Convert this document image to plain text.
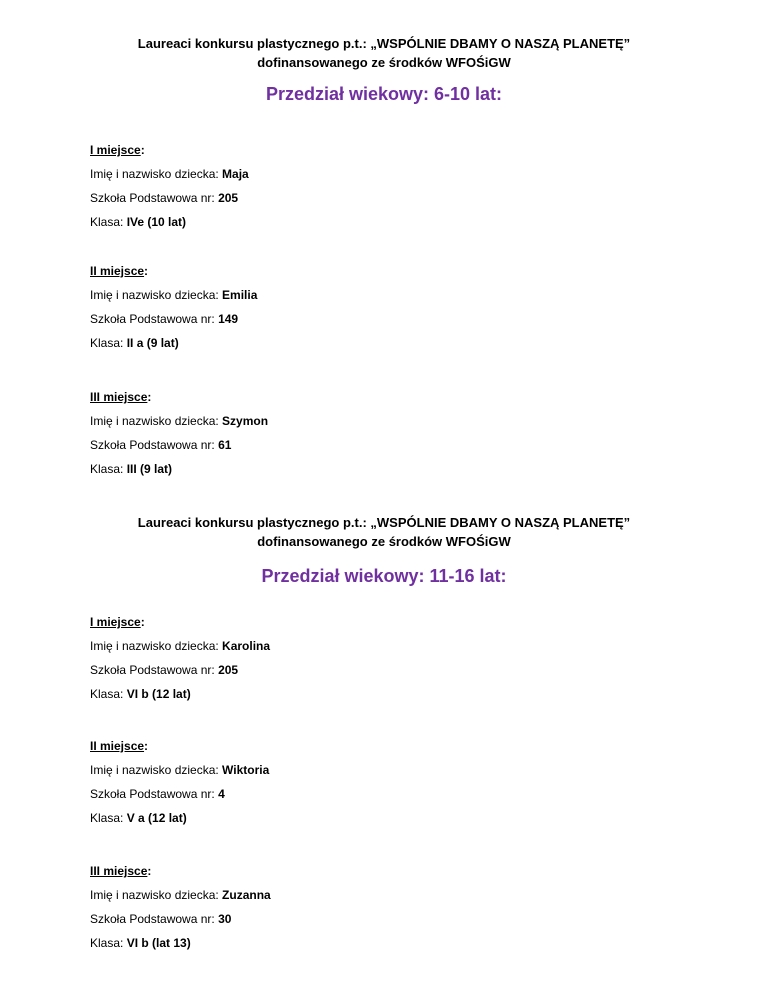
Laureaci konkursu plastycznego p.t.: „WSPÓLNIE DBAMY O NASZĄ PLANETĘ”
dofinansowanego ze środków WFOŚiGW
Przedział wiekowy: 6-10 lat:
I miejsce:
Imię i nazwisko dziecka: Maja
Szkoła Podstawowa nr: 205
Klasa: IVe (10 lat)
II miejsce:
Imię i nazwisko dziecka: Emilia
Szkoła Podstawowa nr: 149
Klasa: II a (9 lat)
III miejsce:
Imię i nazwisko dziecka: Szymon
Szkoła Podstawowa nr: 61
Klasa: III (9 lat)
Laureaci konkursu plastycznego p.t.: „WSPÓLNIE DBAMY O NASZĄ PLANETĘ”
dofinansowanego ze środków WFOŚiGW
Przedział wiekowy: 11-16 lat:
I miejsce:
Imię i nazwisko dziecka: Karolina
Szkoła Podstawowa nr: 205
Klasa: VI b (12 lat)
II miejsce:
Imię i nazwisko dziecka: Wiktoria
Szkoła Podstawowa nr: 4
Klasa: V a (12 lat)
III miejsce:
Imię i nazwisko dziecka: Zuzanna
Szkoła Podstawowa nr: 30
Klasa: VI b (lat 13)
